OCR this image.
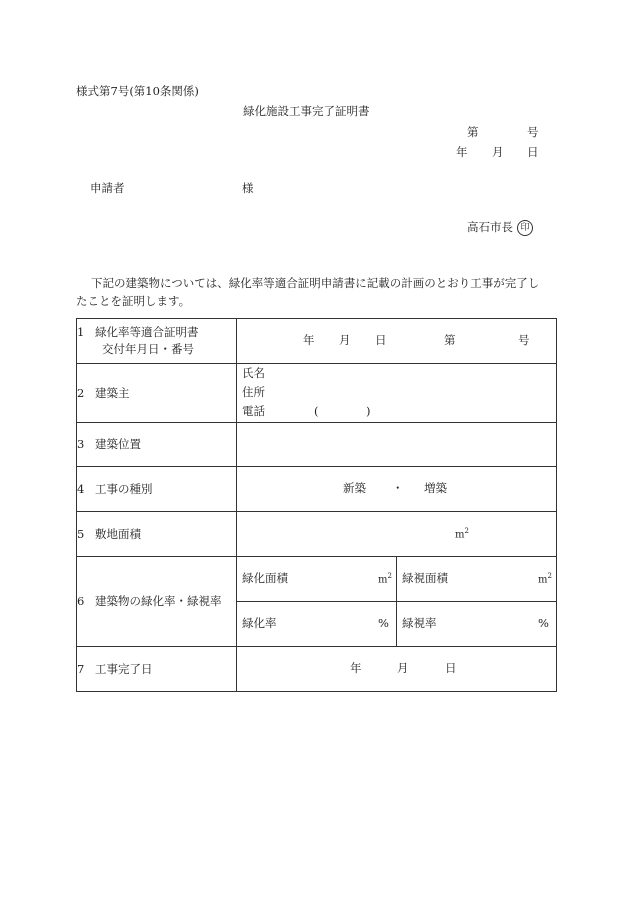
様式第7号(第10条関係)
緑化施設工事完了証明書
第	号
年 月 日
申請者	様
高石市長 印
下記の建築物については、緑化率等適合証明申請書に記載の計画のとおり工事が完了し
たことを証明します。
1 緑化率等適合証明書
交付年月日・番号	年 月 日 第 号	

2 建築主	氏名
住所
電話 ( )	

3 建築位置		
4 工事の種別	新築 ・ 増築	

5 敷地面積	$m^2$

6 建築物の緑化率・緑視率	緑化面積 $m^2$	緑視面積 $m^2$

	緑化率 %	緑視率 %

7 工事完了日	年 月 日	
